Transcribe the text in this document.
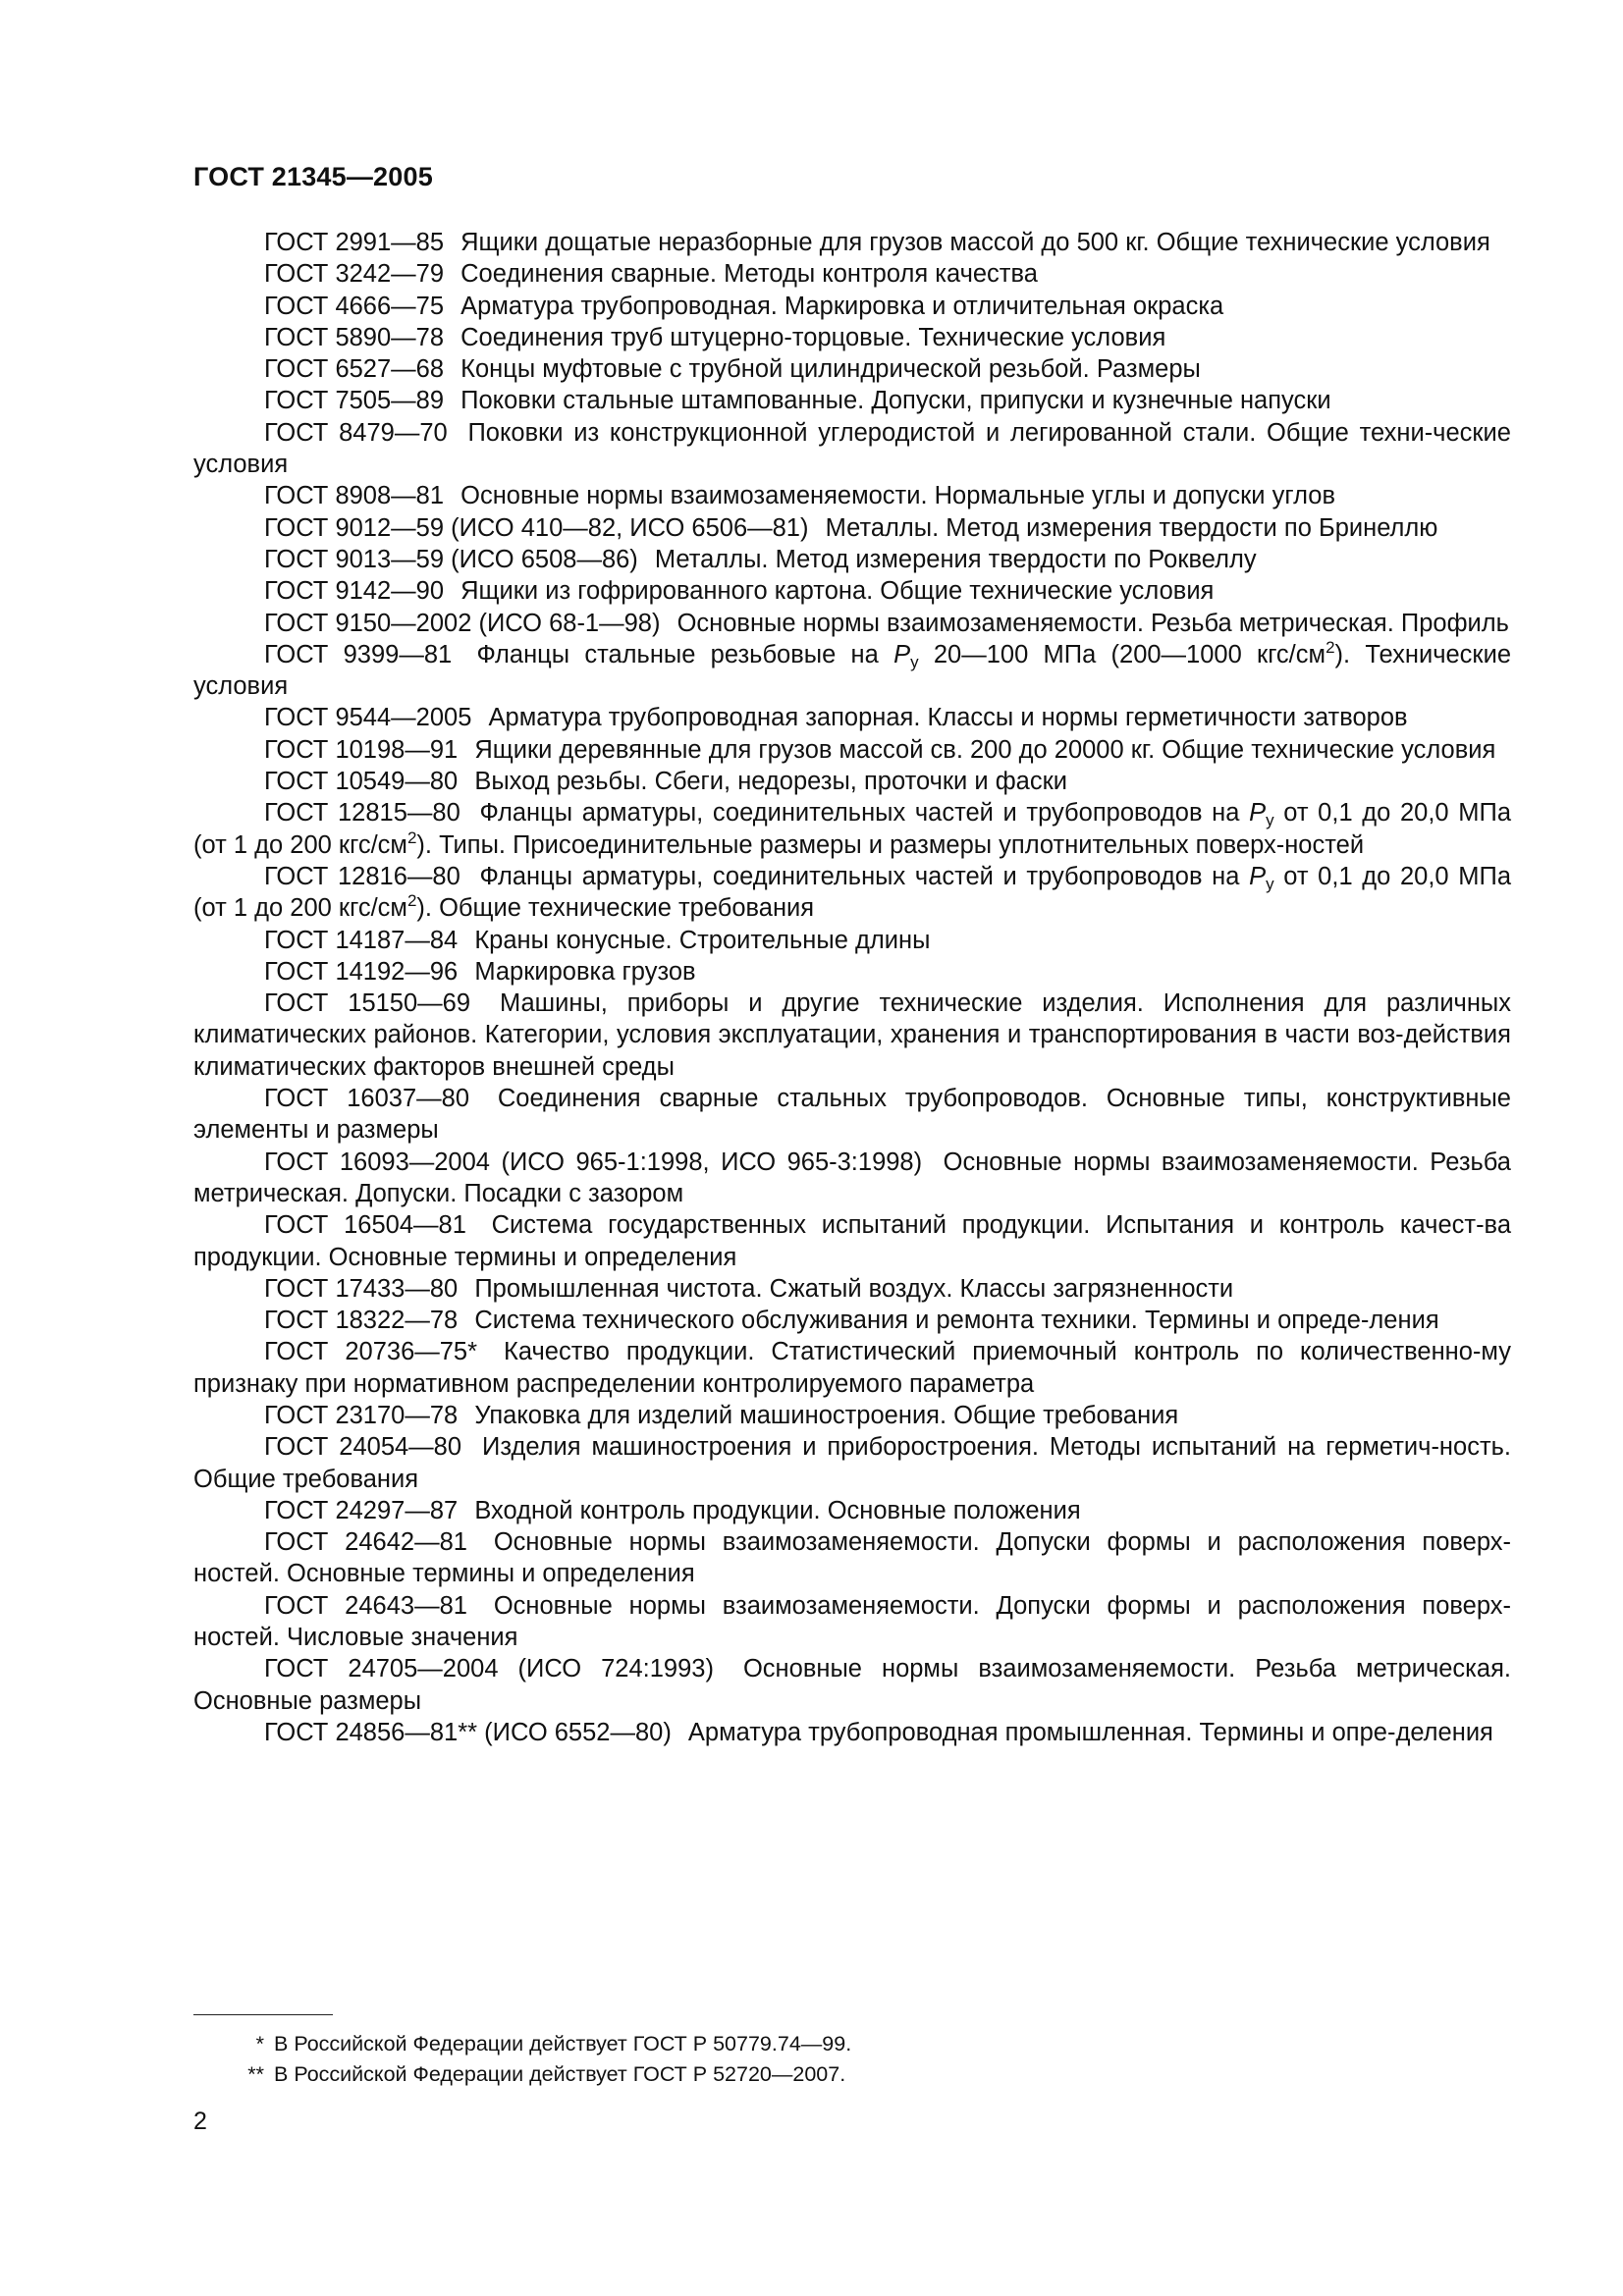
ГОСТ 21345—2005

ГОСТ 2991—85 Ящики дощатые неразборные для грузов массой до 500 кг. Общие технические условия

ГОСТ 3242—79 Соединения сварные. Методы контроля качества

ГОСТ 4666—75 Арматура трубопроводная. Маркировка и отличительная окраска

ГОСТ 5890—78 Соединения труб штуцерно-торцовые. Технические условия

ГОСТ 6527—68 Концы муфтовые с трубной цилиндрической резьбой. Размеры

ГОСТ 7505—89 Поковки стальные штампованные. Допуски, припуски и кузнечные напуски

ГОСТ 8479—70 Поковки из конструкционной углеродистой и легированной стали. Общие техни-ческие условия

ГОСТ 8908—81 Основные нормы взаимозаменяемости. Нормальные углы и допуски углов

ГОСТ 9012—59 (ИСО 410—82, ИСО 6506—81) Металлы. Метод измерения твердости по Бринеллю

ГОСТ 9013—59 (ИСО 6508—86) Металлы. Метод измерения твердости по Роквеллу

ГОСТ 9142—90 Ящики из гофрированного картона. Общие технические условия

ГОСТ 9150—2002 (ИСО 68-1—98) Основные нормы взаимозаменяемости. Резьба метрическая. Профиль

ГОСТ 9399—81 Фланцы стальные резьбовые на $P_у$ 20—100 МПа (200—1000 кгс/$см^2$). Технические условия

ГОСТ 9544—2005 Арматура трубопроводная запорная. Классы и нормы герметичности затворов

ГОСТ 10198—91 Ящики деревянные для грузов массой св. 200 до 20000 кг. Общие технические условия

ГОСТ 10549—80 Выход резьбы. Сбеги, недорезы, проточки и фаски

ГОСТ 12815—80 Фланцы арматуры, соединительных частей и трубопроводов на $P_у$ от 0,1 до 20,0 МПа (от 1 до 200 кгс/$см^2$). Типы. Присоединительные размеры и размеры уплотнительных поверх-ностей

ГОСТ 12816—80 Фланцы арматуры, соединительных частей и трубопроводов на $P_у$ от 0,1 до 20,0 МПа (от 1 до 200 кгс/$см^2$). Общие технические требования

ГОСТ 14187—84 Краны конусные. Строительные длины

ГОСТ 14192—96 Маркировка грузов

ГОСТ 15150—69 Машины, приборы и другие технические изделия. Исполнения для различных климатических районов. Категории, условия эксплуатации, хранения и транспортирования в части воз-действия климатических факторов внешней среды

ГОСТ 16037—80 Соединения сварные стальных трубопроводов. Основные типы, конструктивные элементы и размеры

ГОСТ 16093—2004 (ИСО 965-1:1998, ИСО 965-3:1998) Основные нормы взаимозаменяемости. Резьба метрическая. Допуски. Посадки с зазором

ГОСТ 16504—81 Система государственных испытаний продукции. Испытания и контроль качест-ва продукции. Основные термины и определения

ГОСТ 17433—80 Промышленная чистота. Сжатый воздух. Классы загрязненности

ГОСТ 18322—78 Система технического обслуживания и ремонта техники. Термины и опреде-ления

ГОСТ 20736—75* Качество продукции. Статистический приемочный контроль по количественно-му признаку при нормативном распределении контролируемого параметра

ГОСТ 23170—78 Упаковка для изделий машиностроения. Общие требования

ГОСТ 24054—80 Изделия машиностроения и приборостроения. Методы испытаний на герметич-ность. Общие требования

ГОСТ 24297—87 Входной контроль продукции. Основные положения

ГОСТ 24642—81 Основные нормы взаимозаменяемости. Допуски формы и расположения поверх-ностей. Основные термины и определения

ГОСТ 24643—81 Основные нормы взаимозаменяемости. Допуски формы и расположения поверх-ностей. Числовые значения

ГОСТ 24705—2004 (ИСО 724:1993) Основные нормы взаимозаменяемости. Резьба метрическая. Основные размеры

ГОСТ 24856—81** (ИСО 6552—80) Арматура трубопроводная промышленная. Термины и опре-деления

* В Российской Федерации действует ГОСТ Р 50779.74—99.
** В Российской Федерации действует ГОСТ Р 52720—2007.
2
